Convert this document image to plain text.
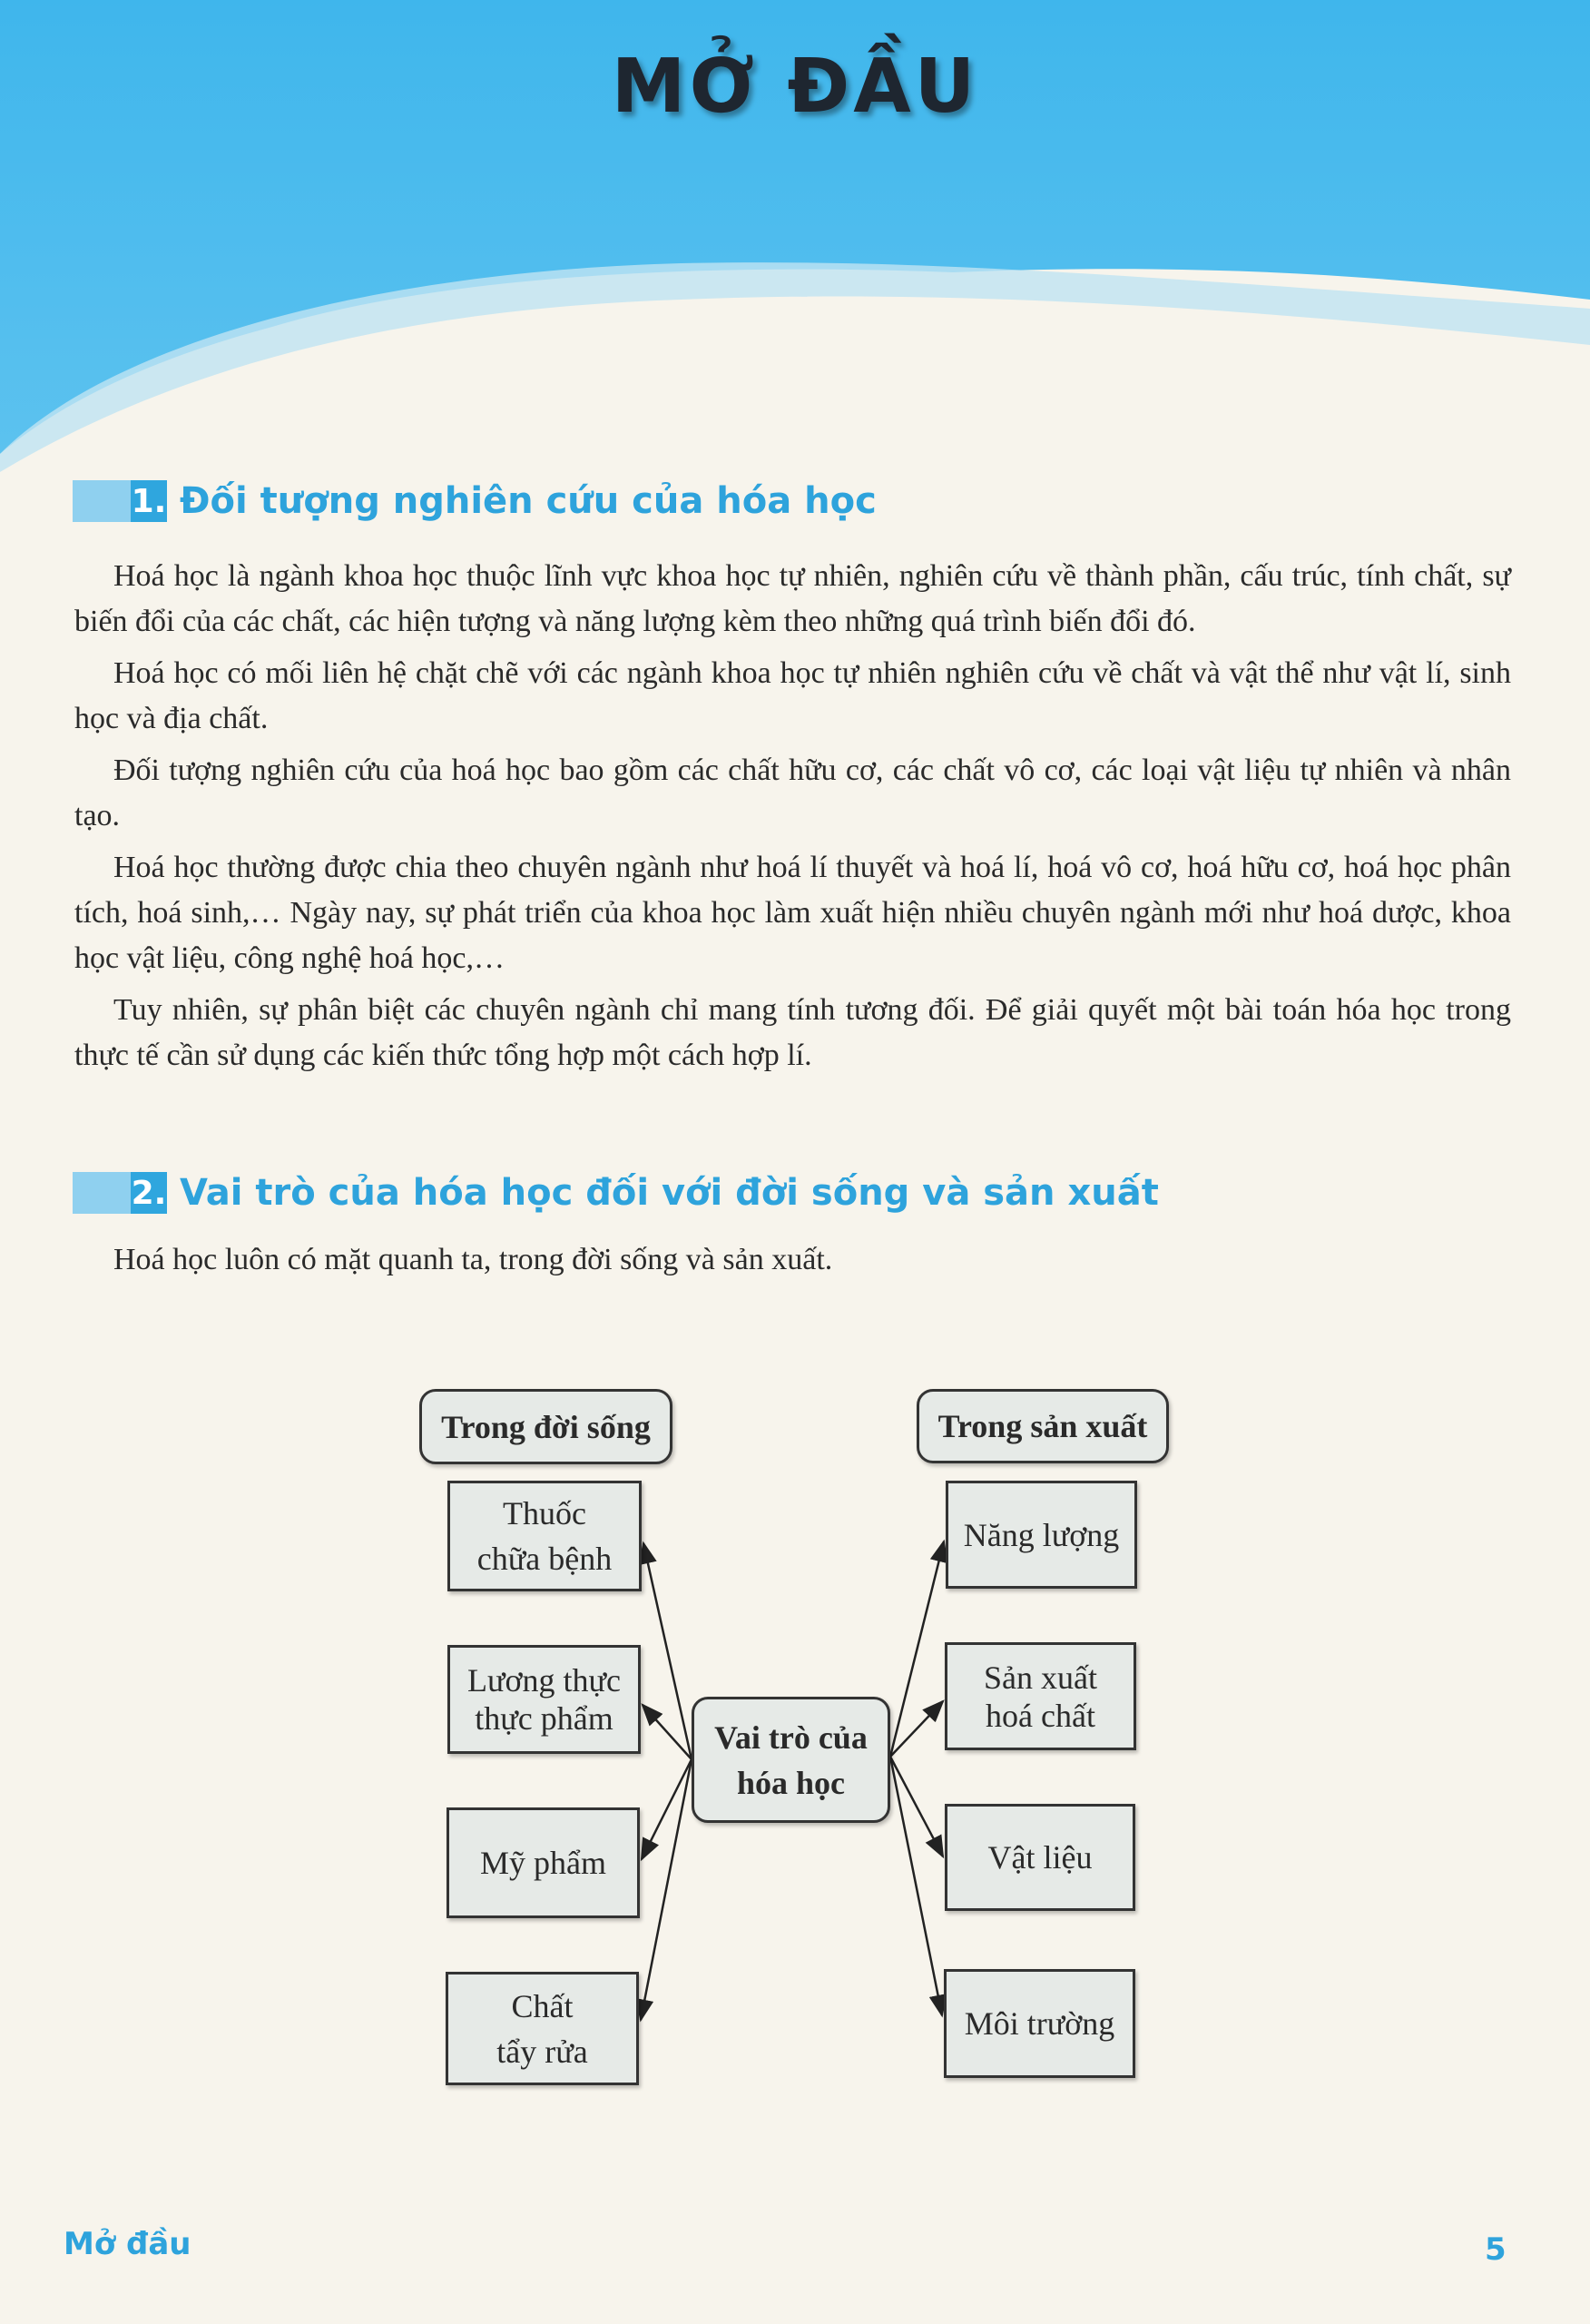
MỞ ĐẦU
1. Đối tượng nghiên cứu của hóa học

Hoá học là ngành khoa học thuộc lĩnh vực khoa học tự nhiên, nghiên cứu về thành phần, cấu trúc, tính chất, sự biến đổi của các chất, các hiện tượng và năng lượng kèm theo những quá trình biến đổi đó.

Hoá học có mối liên hệ chặt chẽ với các ngành khoa học tự nhiên nghiên cứu về chất và vật thể như vật lí, sinh học và địa chất.

Đối tượng nghiên cứu của hoá học bao gồm các chất hữu cơ, các chất vô cơ, các loại vật liệu tự nhiên và nhân tạo.

Hoá học thường được chia theo chuyên ngành như hoá lí thuyết và hoá lí, hoá vô cơ, hoá hữu cơ, hoá học phân tích, hoá sinh,… Ngày nay, sự phát triển của khoa học làm xuất hiện nhiều chuyên ngành mới như hoá dược, khoa học vật liệu, công nghệ hoá học,…

Tuy nhiên, sự phân biệt các chuyên ngành chỉ mang tính tương đối. Để giải quyết một bài toán hóa học trong thực tế cần sử dụng các kiến thức tổng hợp một cách hợp lí.

2. Vai trò của hóa học đối với đời sống và sản xuất
Hoá học luôn có mặt quanh ta, trong đời sống và sản xuất.
Trong đời sống	Trong sản xuất
Vai trò của
hóa học
Thuốc
chữa bệnh
Lương thực
thực phẩm
Mỹ phẩm
Chất
tẩy rửa
Năng lượng
Sản xuất
hoá chất
Vật liệu
Môi trường
Mở đầu	5
